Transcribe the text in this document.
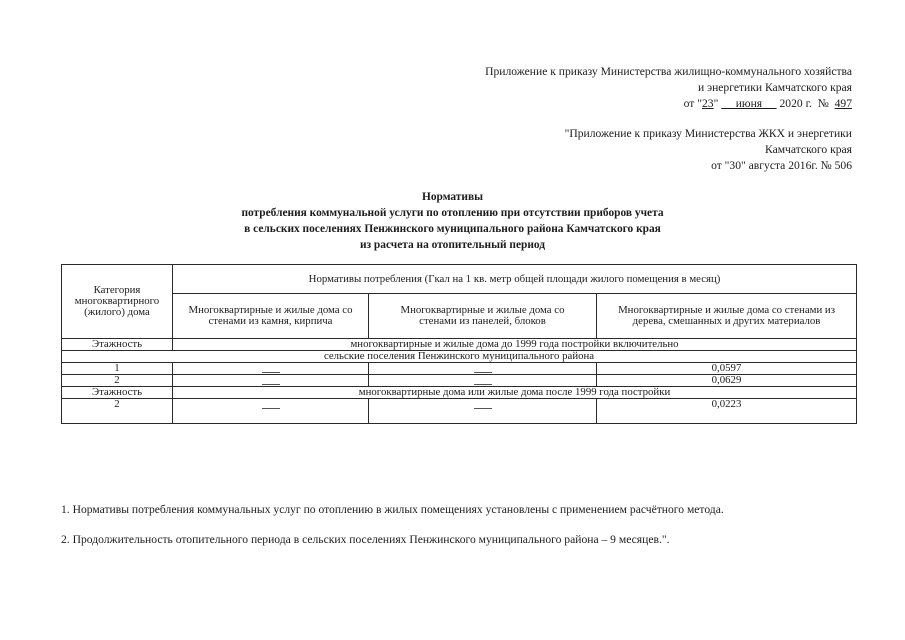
Приложение к приказу Министерства жилищно-коммунального хозяйства
и энергетики Камчатского края
от "23"      июня      2020 г.  №  497
"Приложение к приказу Министерства ЖКХ и энергетики
Камчатского края
от "30" августа 2016г. № 506
Нормативы
потребления коммунальной услуги по отоплению при отсутствии приборов учета
в сельских поселениях Пенжинского муниципального района Камчатского края
из расчета на отопительный период
Категория многоквартирного (жилого) дома	Нормативы потребления (Гкал на 1 кв. метр общей площади жилого помещения в месяц)		
	Многоквартирные и жилые дома со стенами из камня, кирпича	Многоквартирные и жилые дома со стенами из панелей, блоков	Многоквартирные и жилые дома со стенами из дерева, смешанных и других материалов
Этажность	многоквартирные и жилые дома до 1999 года постройки включительно		
сельские поселения Пенжинского муниципального района			
1			0,0597
2			0,0629
Этажность	многоквартирные дома или жилые дома после 1999 года постройки		
2			0,0223
1. Нормативы потребления коммунальных услуг по отоплению в жилых помещениях установлены с применением расчётного метода.
2. Продолжительность отопительного периода в сельских поселениях Пенжинского муниципального района – 9 месяцев.".
